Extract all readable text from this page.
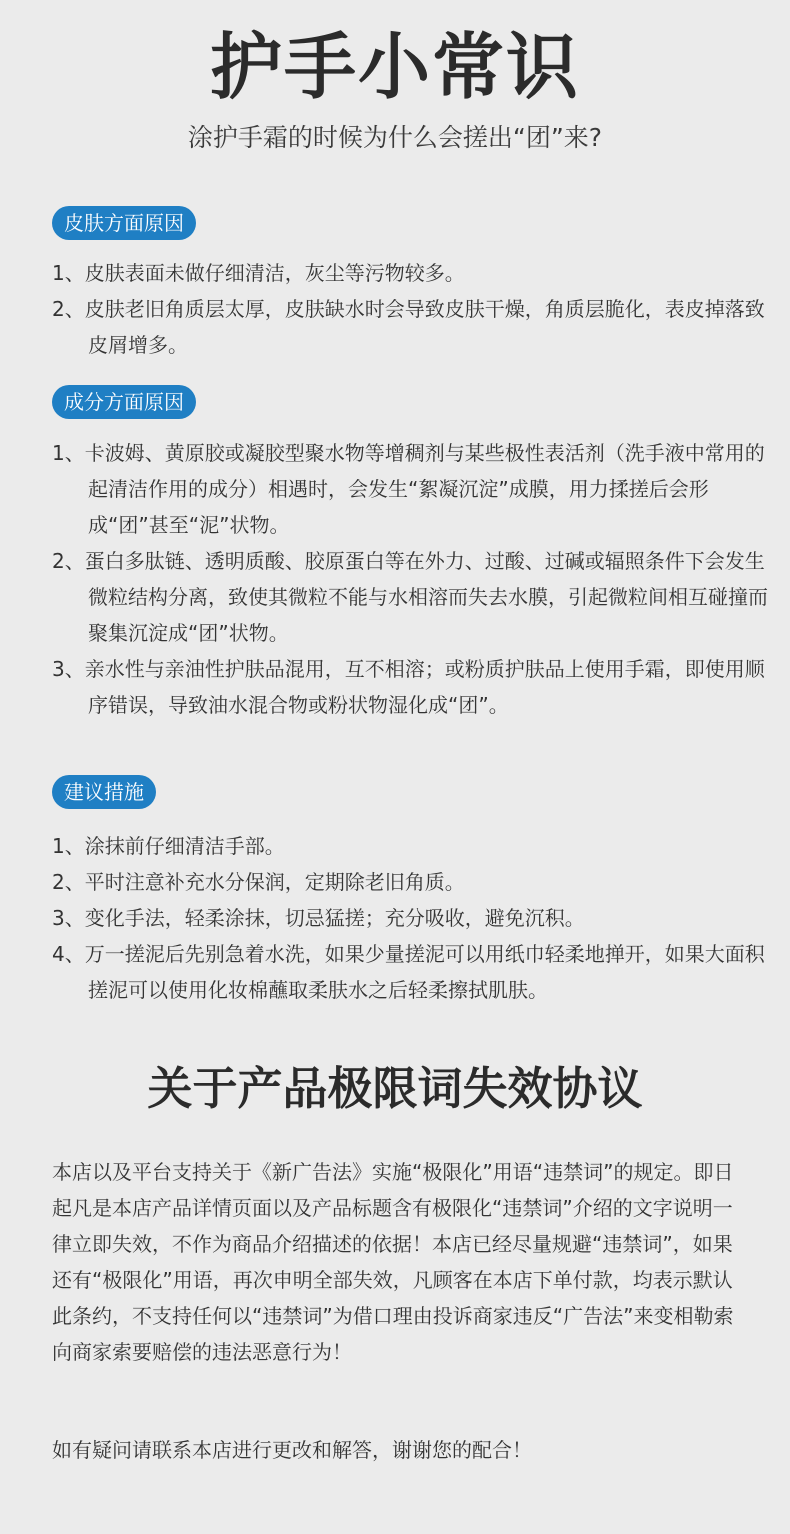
护手小常识
涂护手霜的时候为什么会搓出“团”来?
皮肤方面原因
1、皮肤表面未做仔细清洁，灰尘等污物较多。
2、皮肤老旧角质层太厚，皮肤缺水时会导致皮肤干燥，角质层脆化，表皮掉落致皮屑增多。
成分方面原因
1、卡波姆、黄原胶或凝胶型聚水物等增稠剂与某些极性表活剂（洗手液中常用的起清洁作用的成分）相遇时，会发生“絮凝沉淀”成膜，用力揉搓后会形成“团”甚至“泥”状物。
2、蛋白多肽链、透明质酸、胶原蛋白等在外力、过酸、过碱或辐照条件下会发生微粒结构分离，致使其微粒不能与水相溶而失去水膜，引起微粒间相互碰撞而聚集沉淀成“团”状物。
3、亲水性与亲油性护肤品混用，互不相溶；或粉质护肤品上使用手霜，即使用顺序错误，导致油水混合物或粉状物湿化成“团”。
建议措施
1、涂抹前仔细清洁手部。
2、平时注意补充水分保润，定期除老旧角质。
3、变化手法，轻柔涂抹，切忌猛搓；充分吸收，避免沉积。
4、万一搓泥后先别急着水洗，如果少量搓泥可以用纸巾轻柔地掸开，如果大面积搓泥可以使用化妆棉蘸取柔肤水之后轻柔擦拭肌肤。
关于产品极限词失效协议

本店以及平台支持关于《新广告法》实施“极限化”用语“违禁词”的规定。即日起凡是本店产品详情页面以及产品标题含有极限化“违禁词”介绍的文字说明一律立即失效，不作为商品介绍描述的依据！本店已经尽量规避“违禁词”，如果还有“极限化”用语，再次申明全部失效，凡顾客在本店下单付款，均表示默认此条约，不支持任何以“违禁词”为借口理由投诉商家违反“广告法”来变相勒索向商家索要赔偿的违法恶意行为！

如有疑问请联系本店进行更改和解答，谢谢您的配合！
